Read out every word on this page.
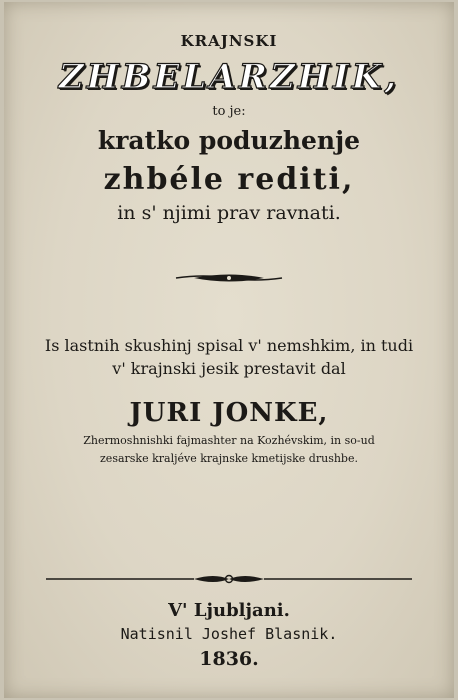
KRAJNSKI
ZHBELARZHIK,
to je:
kratko poduzhenje
zhbéle rediti,
in s' njimi prav ravnati.
Is lastnih skushinj spisal v' nemshkim, in tudi
v' krajnski jesik prestavit dal
JURI JONKE,
Zhermoshnishki fajmashter na Kozhévskim, in so-ud
zesarske kraljéve krajnske kmetijske drushbe.
V' Ljubljani.
Natisnil Joshef Blasnik.
1836.
